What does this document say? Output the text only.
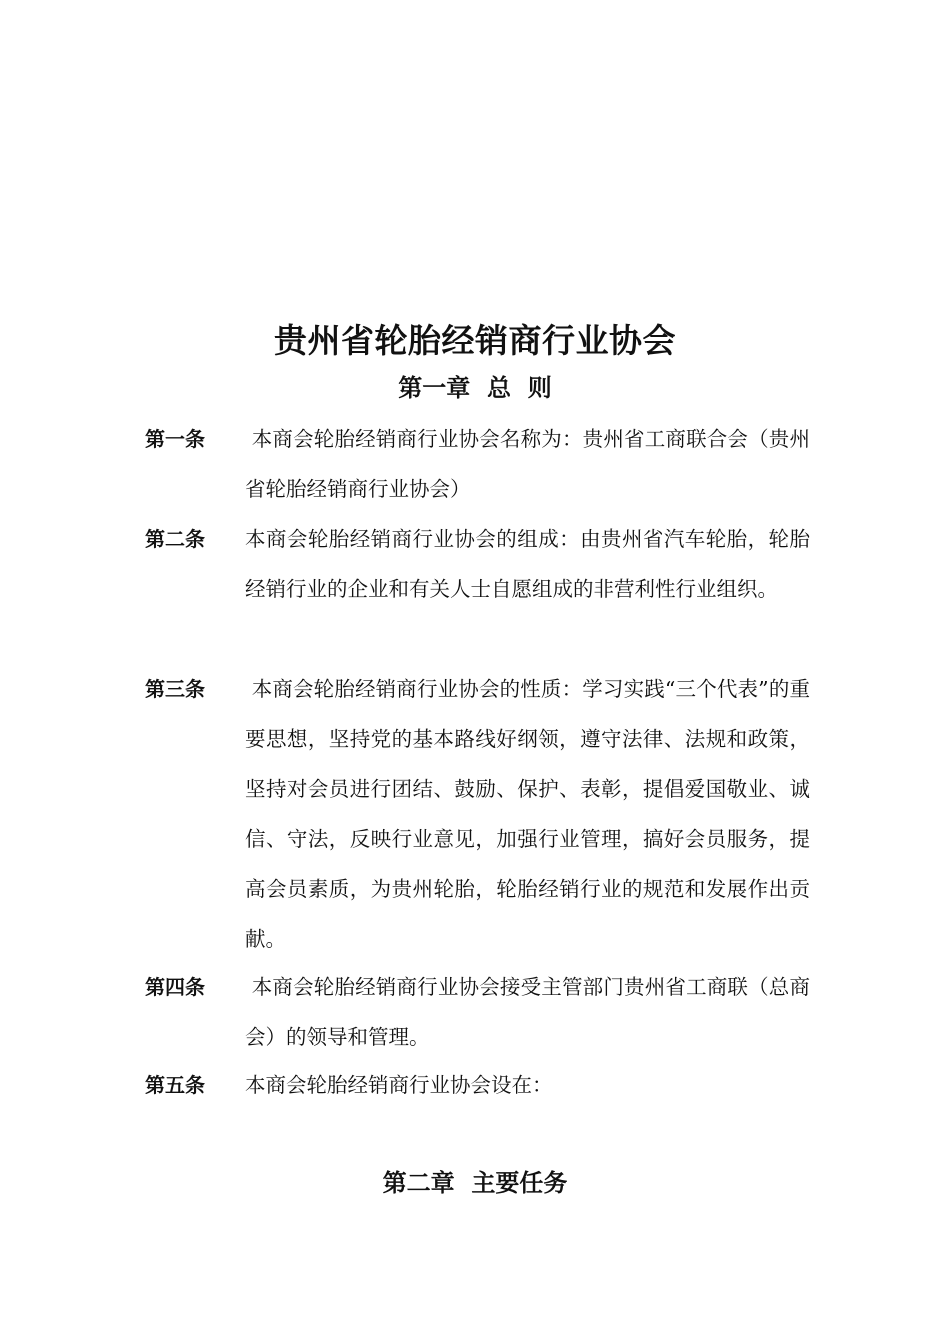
贵州省轮胎经销商行业协会
第一章  总  则
第一条 本商会轮胎经销商行业协会名称为：贵州省工商联合会（贵州省轮胎经销商行业协会）
第二条 本商会轮胎经销商行业协会的组成：由贵州省汽车轮胎，轮胎经销行业的企业和有关人士自愿组成的非营利性行业组织。
第三条 本商会轮胎经销商行业协会的性质：学习实践“三个代表”的重要思想，坚持党的基本路线好纲领，遵守法律、法规和政策，坚持对会员进行团结、鼓励、保护、表彰，提倡爱国敬业、诚信、守法，反映行业意见，加强行业管理，搞好会员服务，提高会员素质，为贵州轮胎，轮胎经销行业的规范和发展作出贡献。
第四条 本商会轮胎经销商行业协会接受主管部门贵州省工商联（总商会）的领导和管理。
第五条 本商会轮胎经销商行业协会设在：
第二章  主要任务
